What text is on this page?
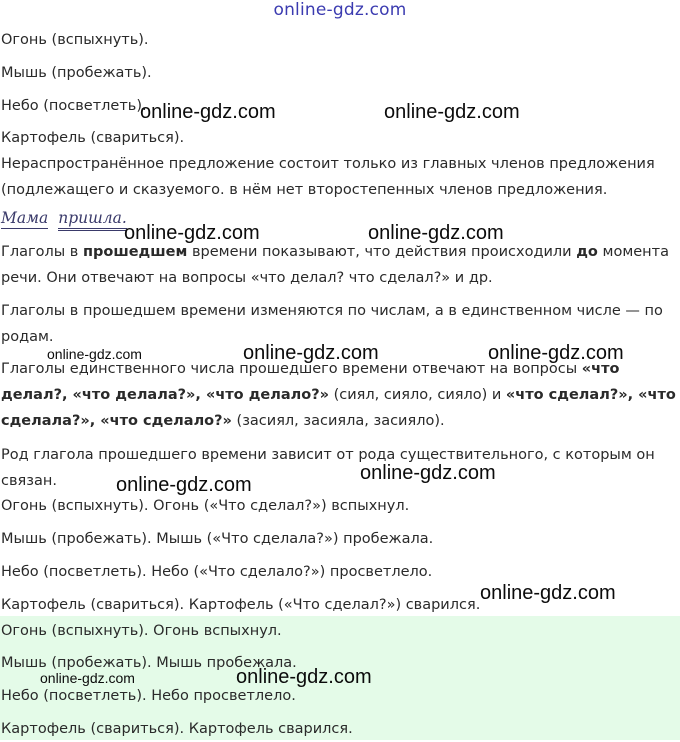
online-gdz.com
Огонь (вспыхнуть).
Мышь (пробежать).
Небо (посветлеть).
Картофель (свариться).
Нераспространённое предложение состоит только из главных членов предложения (подлежащего и сказуемого. в нём нет второстепенных членов предложения.
Мама пришла.
Глаголы в прошедшем времени показывают, что действия происходили до момента речи. Они отвечают на вопросы «что делал? что сделал?» и др.
Глаголы в прошедшем времени изменяются по числам, а в единственном числе — по родам.
Глаголы единственного числа прошедшего времени отвечают на вопросы «что делал?, «что делала?», «что делало?» (сиял, сияло, сияло) и «что сделал?», «что сделала?», «что сделало?» (засиял, засияла, засияло).
Род глагола прошедшего времени зависит от рода существительного, с которым он связан.
Огонь (вспыхнуть). Огонь («Что сделал?») вспыхнул.
Мышь (пробежать). Мышь («Что сделала?») пробежала.
Небо (посветлеть). Небо («Что сделало?») просветлело.
Картофель (свариться). Картофель («Что сделал?») сварился.
Огонь (вспыхнуть). Огонь вспыхнул.
Мышь (пробежать). Мышь пробежала.
Небо (посветлеть). Небо просветлело.
Картофель (свариться). Картофель сварился.
online-gdz.com	online-gdz.com
online-gdz.com	online-gdz.com
online-gdz.com	online-gdz.com	online-gdz.com
online-gdz.com
online-gdz.com
online-gdz.com
online-gdz.com	online-gdz.com
